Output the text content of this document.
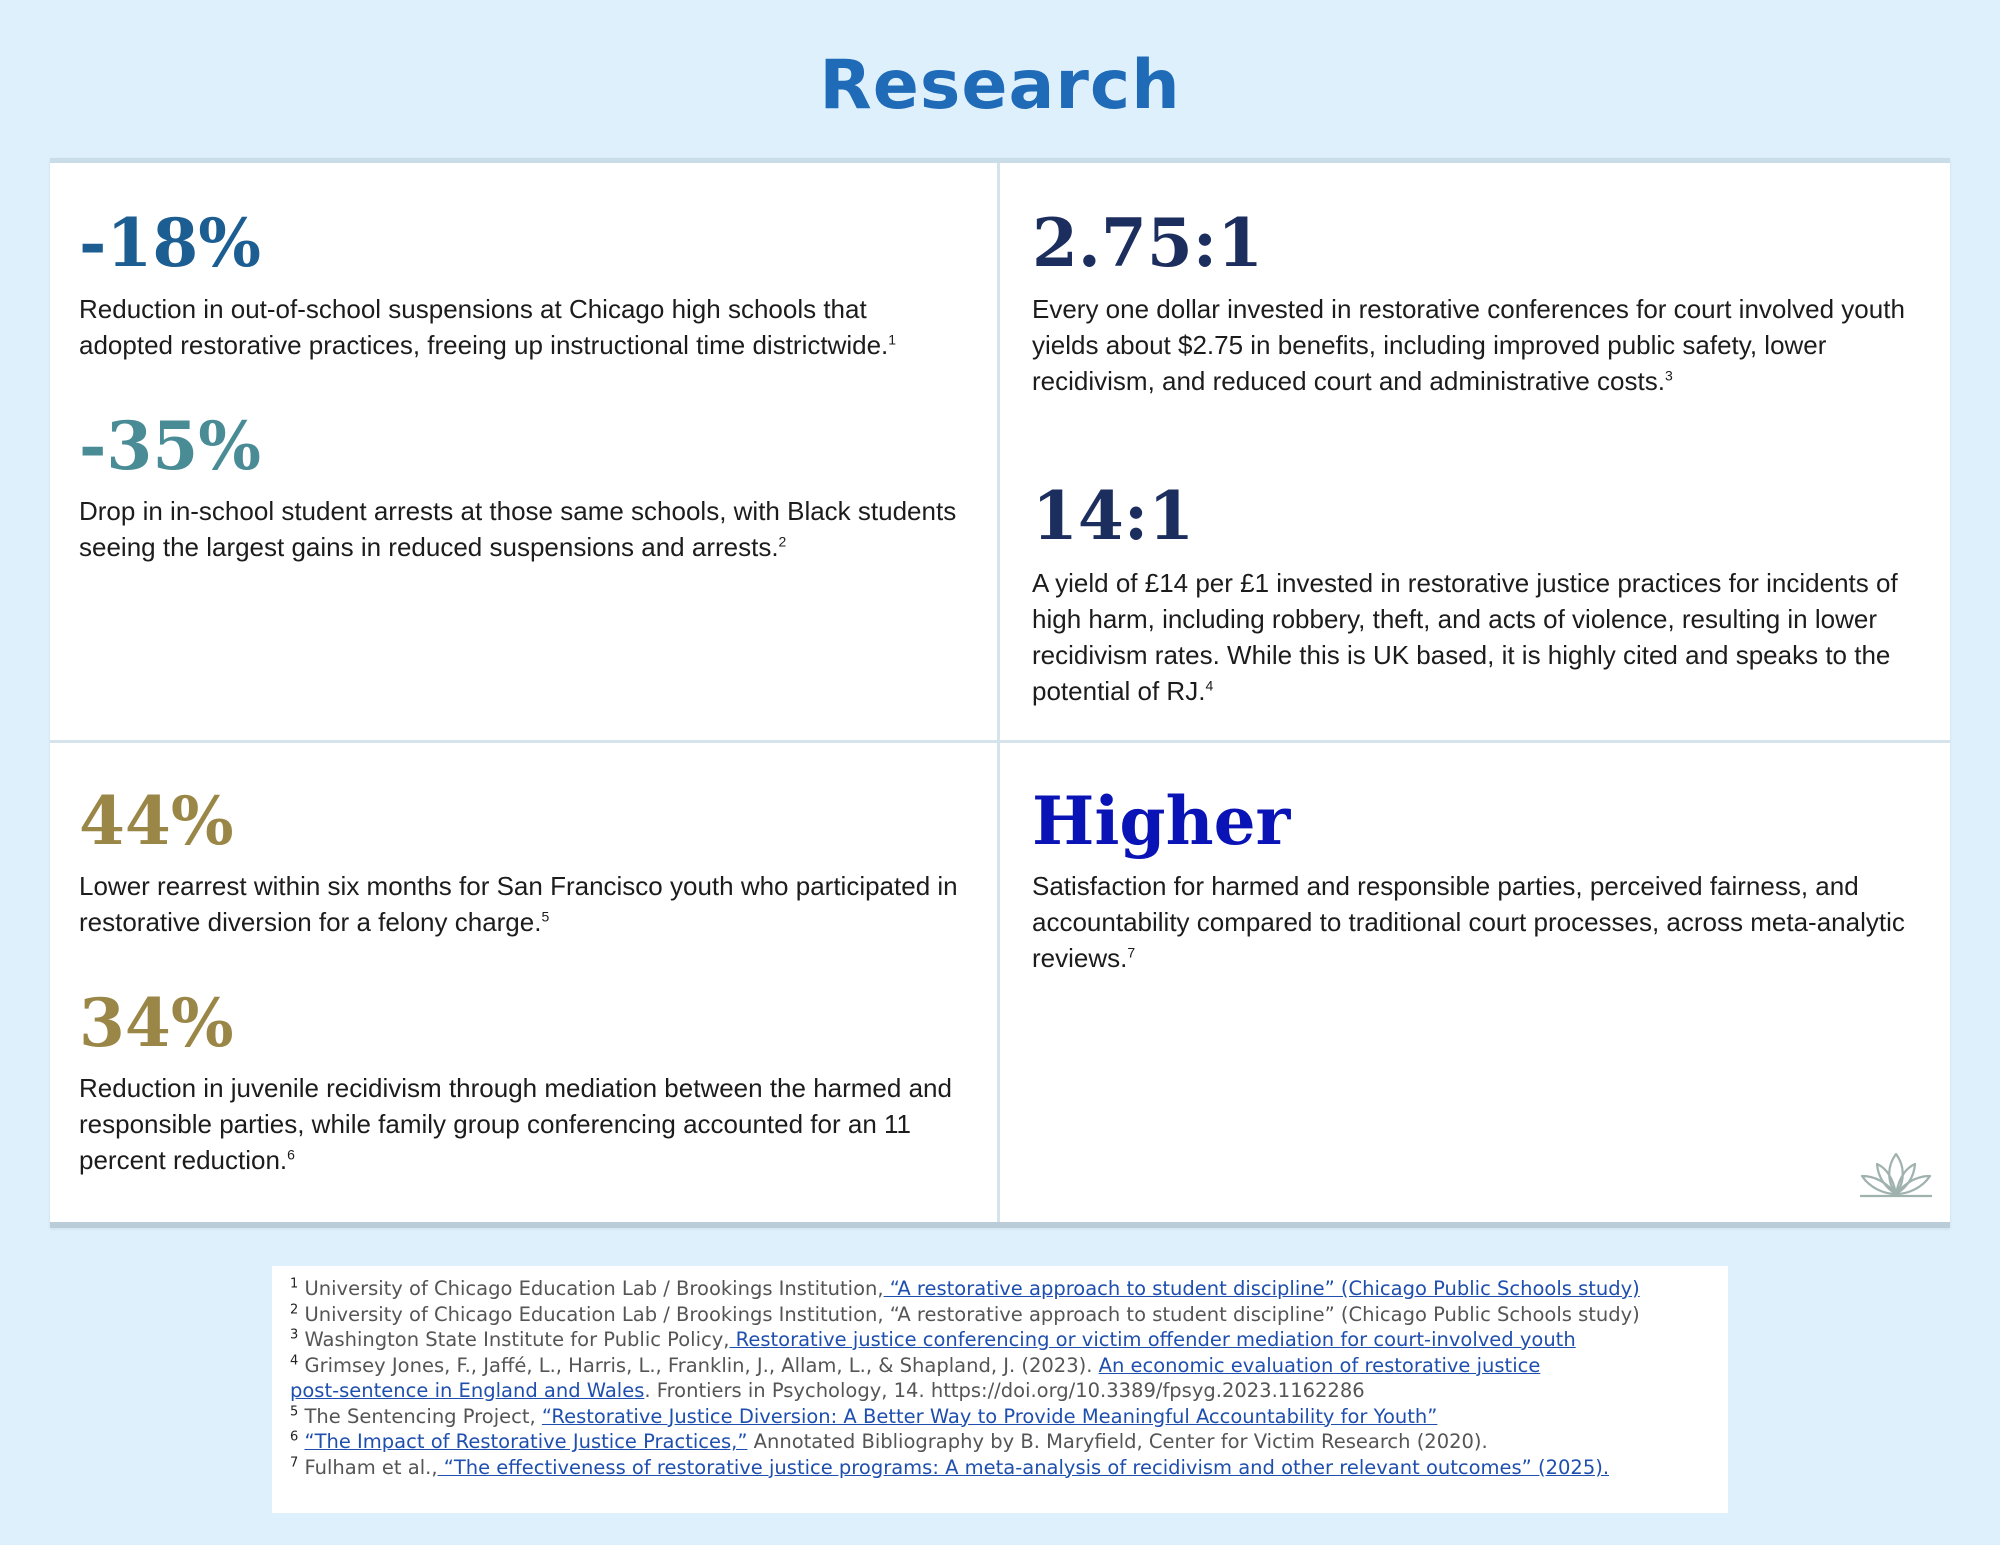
Research
-18%
Reduction in out-of-school suspensions at Chicago high schools that adopted restorative practices, freeing up instructional time districtwide.$^1$
-35%
Drop in in-school student arrests at those same schools, with Black students seeing the largest gains in reduced suspensions and arrests.$^2$
2.75:1
Every one dollar invested in restorative conferences for court involved youth yields about $2.75 in benefits, including improved public safety, lower recidivism, and reduced court and administrative costs.$^3$
14:1
A yield of £14 per £1 invested in restorative justice practices for incidents of high harm, including robbery, theft, and acts of violence, resulting in lower recidivism rates. While this is UK based, it is highly cited and speaks to the potential of RJ.$^4$
44%
Lower rearrest within six months for San Francisco youth who participated in restorative diversion for a felony charge.$^5$
34%
Reduction in juvenile recidivism through mediation between the harmed and responsible parties, while family group conferencing accounted for an 11 percent reduction.$^6$
Higher
Satisfaction for harmed and responsible parties, perceived fairness, and accountability compared to traditional court processes, across meta-analytic reviews.$^7$
$^1$ University of Chicago Education Lab / Brookings Institution, “A restorative approach to student discipline” (Chicago Public Schools study)
$^2$ University of Chicago Education Lab / Brookings Institution, “A restorative approach to student discipline” (Chicago Public Schools study)
$^3$ Washington State Institute for Public Policy, Restorative justice conferencing or victim offender mediation for court-involved youth
$^4$ Grimsey Jones, F., Jaffé, L., Harris, L., Franklin, J., Allam, L., & Shapland, J. (2023). An economic evaluation of restorative justice
post-sentence in England and Wales. Frontiers in Psychology, 14. https://doi.org/10.3389/fpsyg.2023.1162286
$^5$ The Sentencing Project, “Restorative Justice Diversion: A Better Way to Provide Meaningful Accountability for Youth”
$^6$ “The Impact of Restorative Justice Practices,” Annotated Bibliography by B. Maryfield, Center for Victim Research (2020).
$^7$ Fulham et al., “The effectiveness of restorative justice programs: A meta-analysis of recidivism and other relevant outcomes” (2025).
